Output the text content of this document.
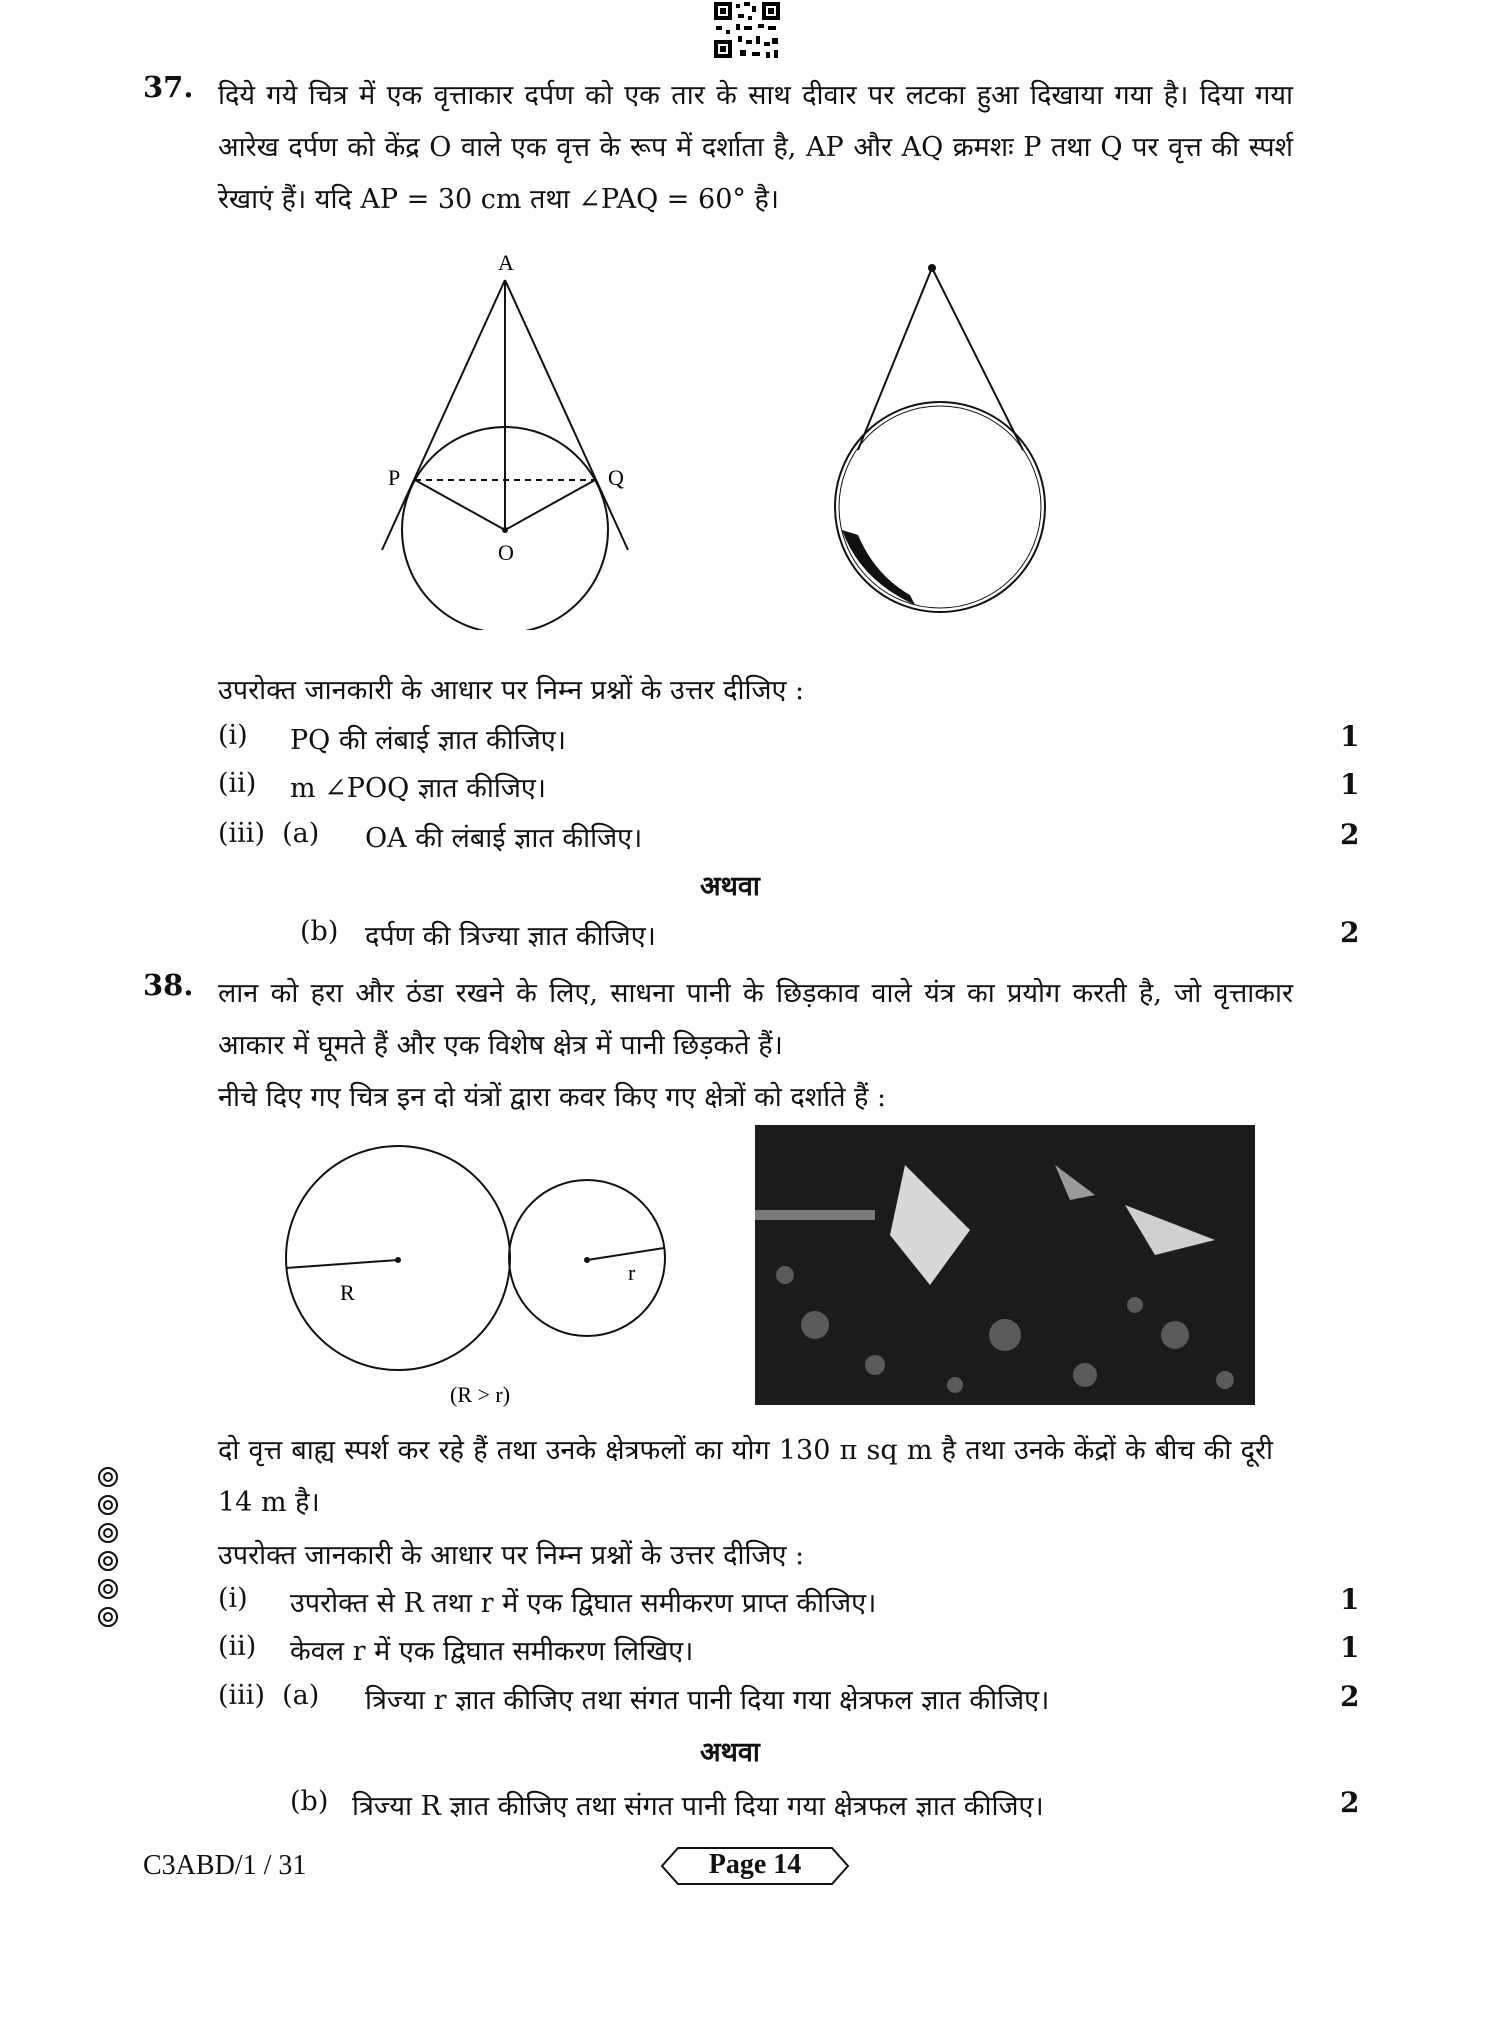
37. दिये गये चित्र में एक वृत्ताकार दर्पण को एक तार के साथ दीवार पर लटका हुआ दिखाया गया है। दिया गया आरेख दर्पण को केंद्र O वाले एक वृत्त के रूप में दर्शाता है, AP और AQ क्रमशः P तथा Q पर वृत्त की स्पर्श रेखाएं हैं। यदि AP = 30 cm तथा ∠PAQ = 60° है।
A
P	Q
O
उपरोक्त जानकारी के आधार पर निम्न प्रश्नों के उत्तर दीजिए :
(i) PQ की लंबाई ज्ञात कीजिए।	1
(ii) m ∠POQ ज्ञात कीजिए।	1
(iii)  (a) OA की लंबाई ज्ञात कीजिए।	2
अथवा
(b) दर्पण की त्रिज्या ज्ञात कीजिए।	2
38. लान को हरा और ठंडा रखने के लिए, साधना पानी के छिड़काव वाले यंत्र का प्रयोग करती है, जो वृत्ताकार आकार में घूमते हैं और एक विशेष क्षेत्र में पानी छिड़कते हैं।
नीचे दिए गए चित्र इन दो यंत्रों द्वारा कवर किए गए क्षेत्रों को दर्शाते हैं :
R
r
(R > r)
दो वृत्त बाह्य स्पर्श कर रहे हैं तथा उनके क्षेत्रफलों का योग 130 π sq m है तथा उनके केंद्रों के बीच की दूरी 14 m है।
उपरोक्त जानकारी के आधार पर निम्न प्रश्नों के उत्तर दीजिए :
(i) उपरोक्त से R तथा r में एक द्विघात समीकरण प्राप्त कीजिए।	1
(ii) केवल r में एक द्विघात समीकरण लिखिए।	1
(iii)  (a) त्रिज्या r ज्ञात कीजिए तथा संगत पानी दिया गया क्षेत्रफल ज्ञात कीजिए।	2
अथवा
(b) त्रिज्या R ज्ञात कीजिए तथा संगत पानी दिया गया क्षेत्रफल ज्ञात कीजिए।	2
C3ABD/1 / 31	Page 14
